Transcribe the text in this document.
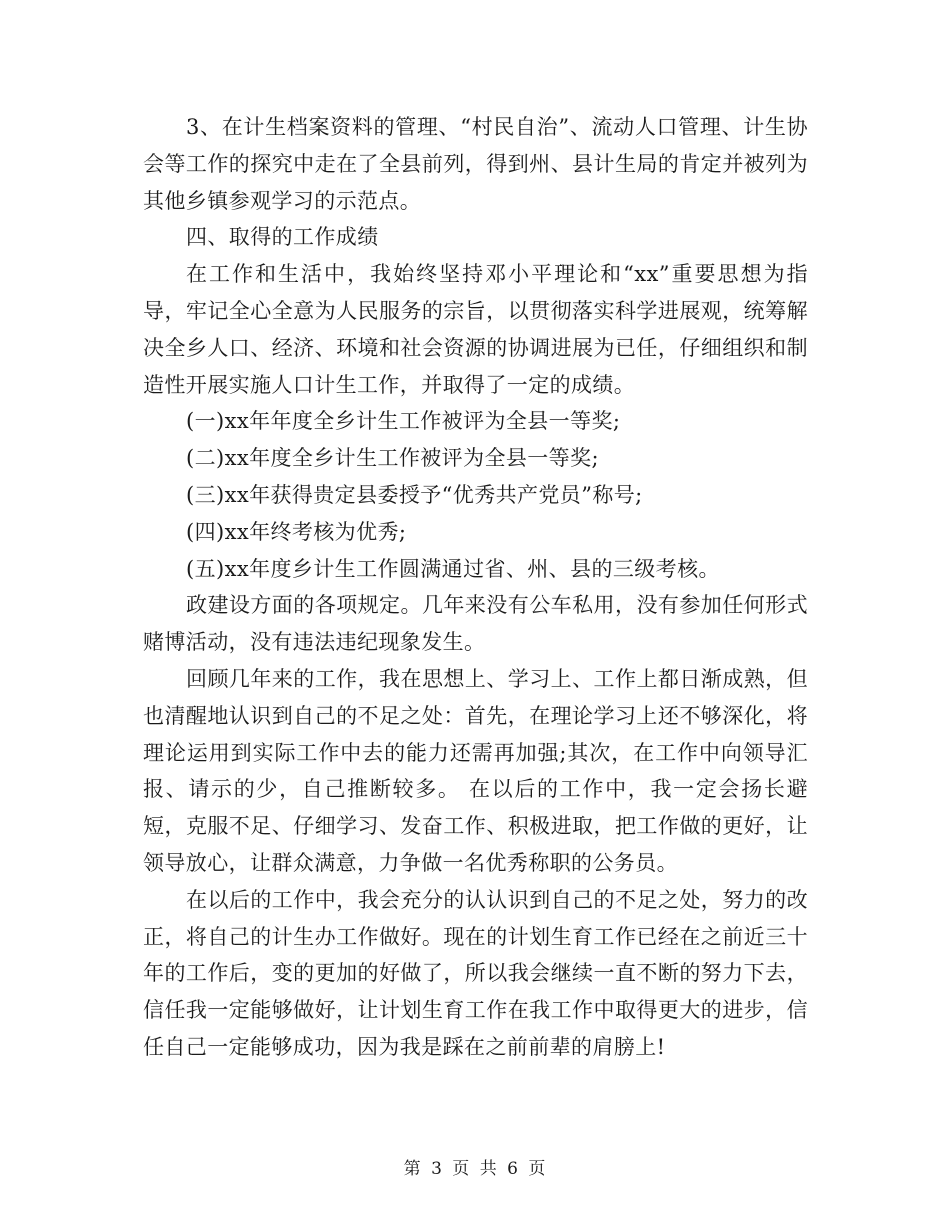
3、在计生档案资料的管理、“村民自治”、流动人口管理、计生协会等工作的探究中走在了全县前列，得到州、县计生局的肯定并被列为其他乡镇参观学习的示范点。

四、取得的工作成绩

在工作和生活中，我始终坚持邓小平理论和“xx”重要思想为指导，牢记全心全意为人民服务的宗旨，以贯彻落实科学进展观，统筹解决全乡人口、经济、环境和社会资源的协调进展为已任，仔细组织和制造性开展实施人口计生工作，并取得了一定的成绩。

(一)xx年年度全乡计生工作被评为全县一等奖;

(二)xx年度全乡计生工作被评为全县一等奖;

(三)xx年获得贵定县委授予“优秀共产党员”称号;

(四)xx年终考核为优秀;

(五)xx年度乡计生工作圆满通过省、州、县的三级考核。

政建设方面的各项规定。几年来没有公车私用，没有参加任何形式赌博活动，没有违法违纪现象发生。

回顾几年来的工作，我在思想上、学习上、工作上都日渐成熟，但也清醒地认识到自己的不足之处：首先，在理论学习上还不够深化，将理论运用到实际工作中去的能力还需再加强;其次，在工作中向领导汇报、请示的少，自己推断较多。 在以后的工作中，我一定会扬长避短，克服不足、仔细学习、发奋工作、积极进取，把工作做的更好，让领导放心，让群众满意，力争做一名优秀称职的公务员。

在以后的工作中，我会充分的认认识到自己的不足之处，努力的改正，将自己的计生办工作做好。现在的计划生育工作已经在之前近三十年的工作后，变的更加的好做了，所以我会继续一直不断的努力下去，信任我一定能够做好，让计划生育工作在我工作中取得更大的进步，信任自己一定能够成功，因为我是踩在之前前辈的肩膀上!

第 3 页 共 6 页
